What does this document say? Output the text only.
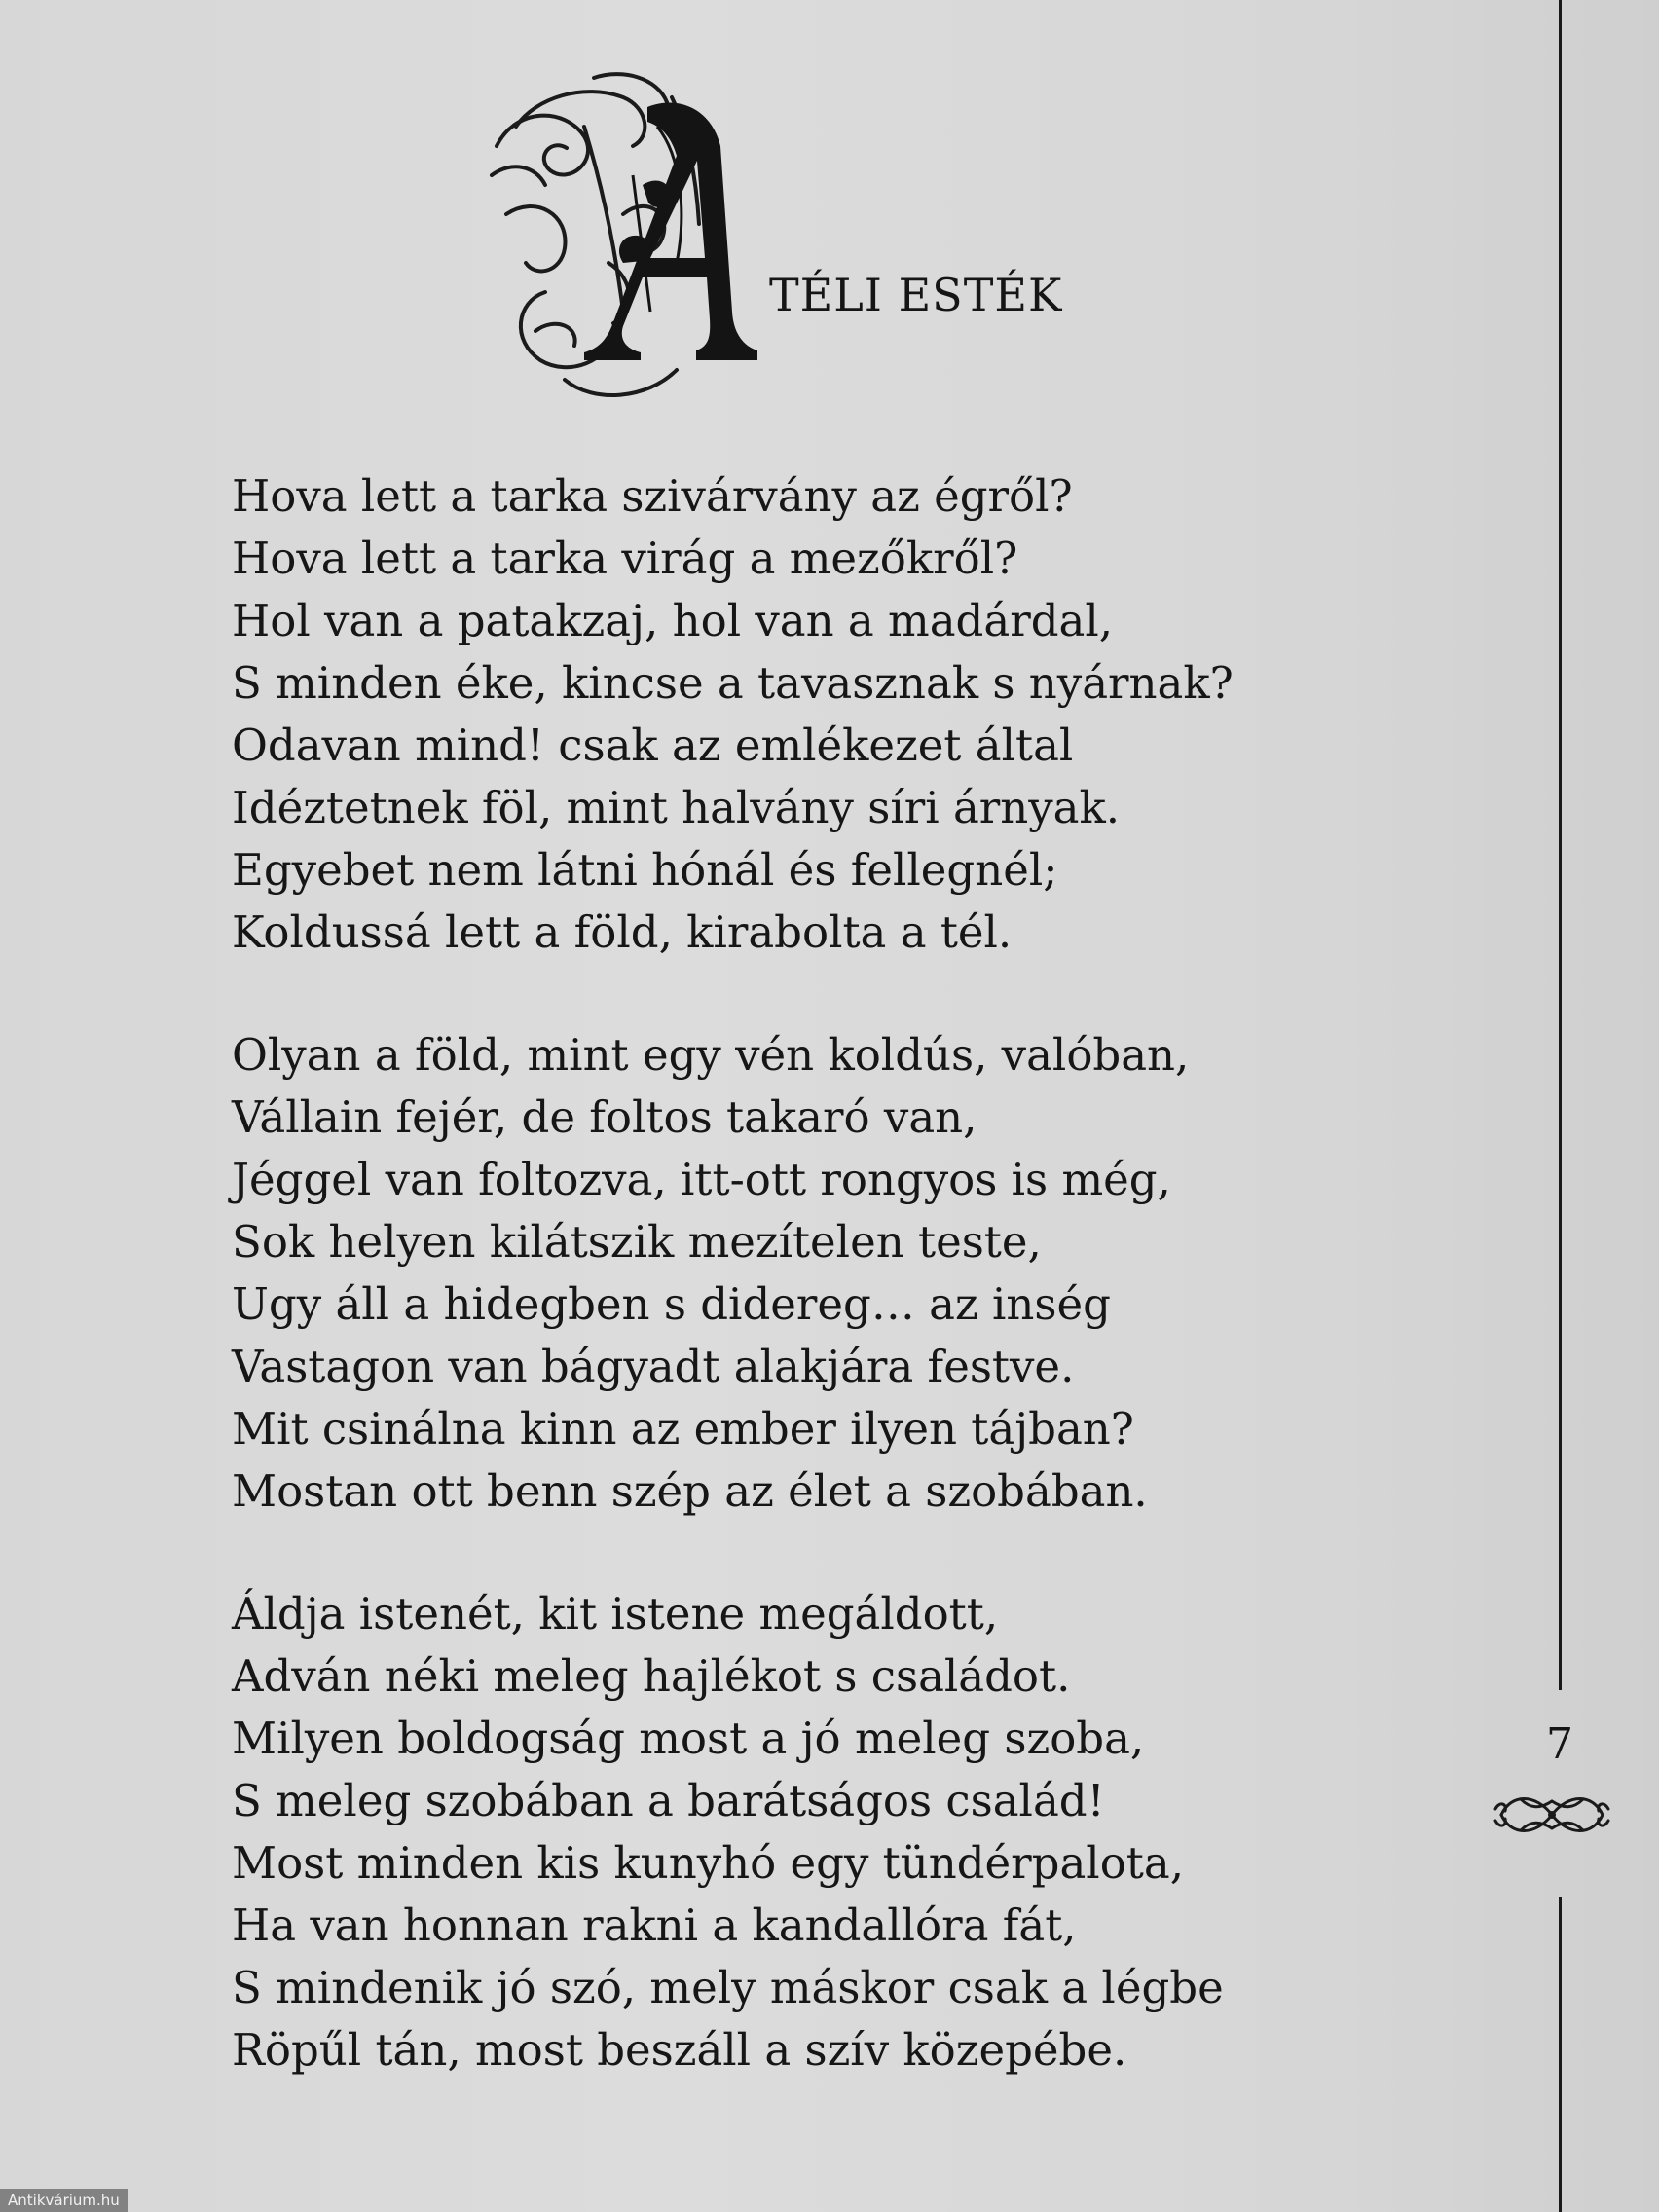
TÉLI ESTÉK
Hova lett a tarka szivárvány az égről?
Hova lett a tarka virág a mezőkről?
Hol van a patakzaj, hol van a madárdal,
S minden éke, kincse a tavasznak s nyárnak?
Odavan mind! csak az emlékezet által
Idéztetnek föl, mint halvány síri árnyak.
Egyebet nem látni hónál és fellegnél;
Koldussá lett a föld, kirabolta a tél.
Olyan a föld, mint egy vén koldús, valóban,
Vállain fejér, de foltos takaró van,
Jéggel van foltozva, itt-ott rongyos is még,
Sok helyen kilátszik mezítelen teste,
Ugy áll a hidegben s didereg… az inség
Vastagon van bágyadt alakjára festve.
Mit csinálna kinn az ember ilyen tájban?
Mostan ott benn szép az élet a szobában.
Áldja istenét, kit istene megáldott,
Adván néki meleg hajlékot s családot.
Milyen boldogság most a jó meleg szoba,
S meleg szobában a barátságos család!
Most minden kis kunyhó egy tündérpalota,
Ha van honnan rakni a kandallóra fát,
S mindenik jó szó, mely máskor csak a légbe
Röpűl tán, most beszáll a szív közepébe.
7
Antikvárium.hu
